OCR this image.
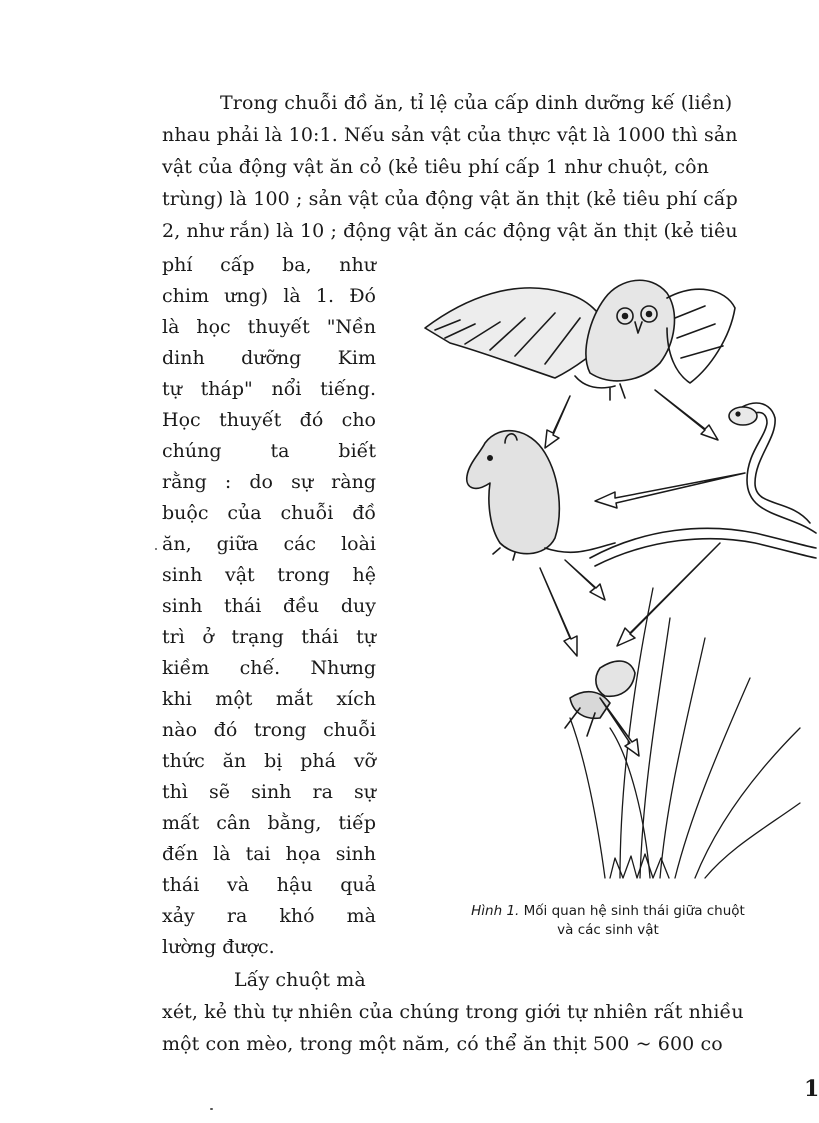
Trong chuỗi đồ ăn, tỉ lệ của cấp dinh dưỡng kế (liền)
nhau phải là 10:1. Nếu sản vật của thực vật là 1000 thì sản
vật của động vật ăn cỏ (kẻ tiêu phí cấp 1 như chuột, côn
trùng) là 100 ; sản vật của động vật ăn thịt (kẻ tiêu phí cấp
2, như rắn) là 10 ; động vật ăn các động vật ăn thịt (kẻ tiêu
phí cấp ba, như
chim ưng) là 1. Đó
là học thuyết "Nền
dinh dưỡng Kim
tự tháp" nổi tiếng.
Học thuyết đó cho
chúng ta biết
rằng : do sự ràng
buộc của chuỗi đồ
ăn, giữa các loài
sinh vật trong hệ
sinh thái đều duy
trì ở trạng thái tự
kiềm chế. Nhưng
khi một mắt xích
nào đó trong chuỗi
thức ăn bị phá vỡ
thì sẽ sinh ra sự
mất cân bằng, tiếp
đến là tai họa sinh
thái và hậu quả
xảy ra khó mà
lường được.
Lấy chuột mà
xét, kẻ thù tự nhiên của chúng trong giới tự nhiên rất nhiều
một con mèo, trong một năm, có thể ăn thịt 500 ~ 600 co
Hình 1. Mối quan hệ sinh thái giữa chuột
và các sinh vật
1
